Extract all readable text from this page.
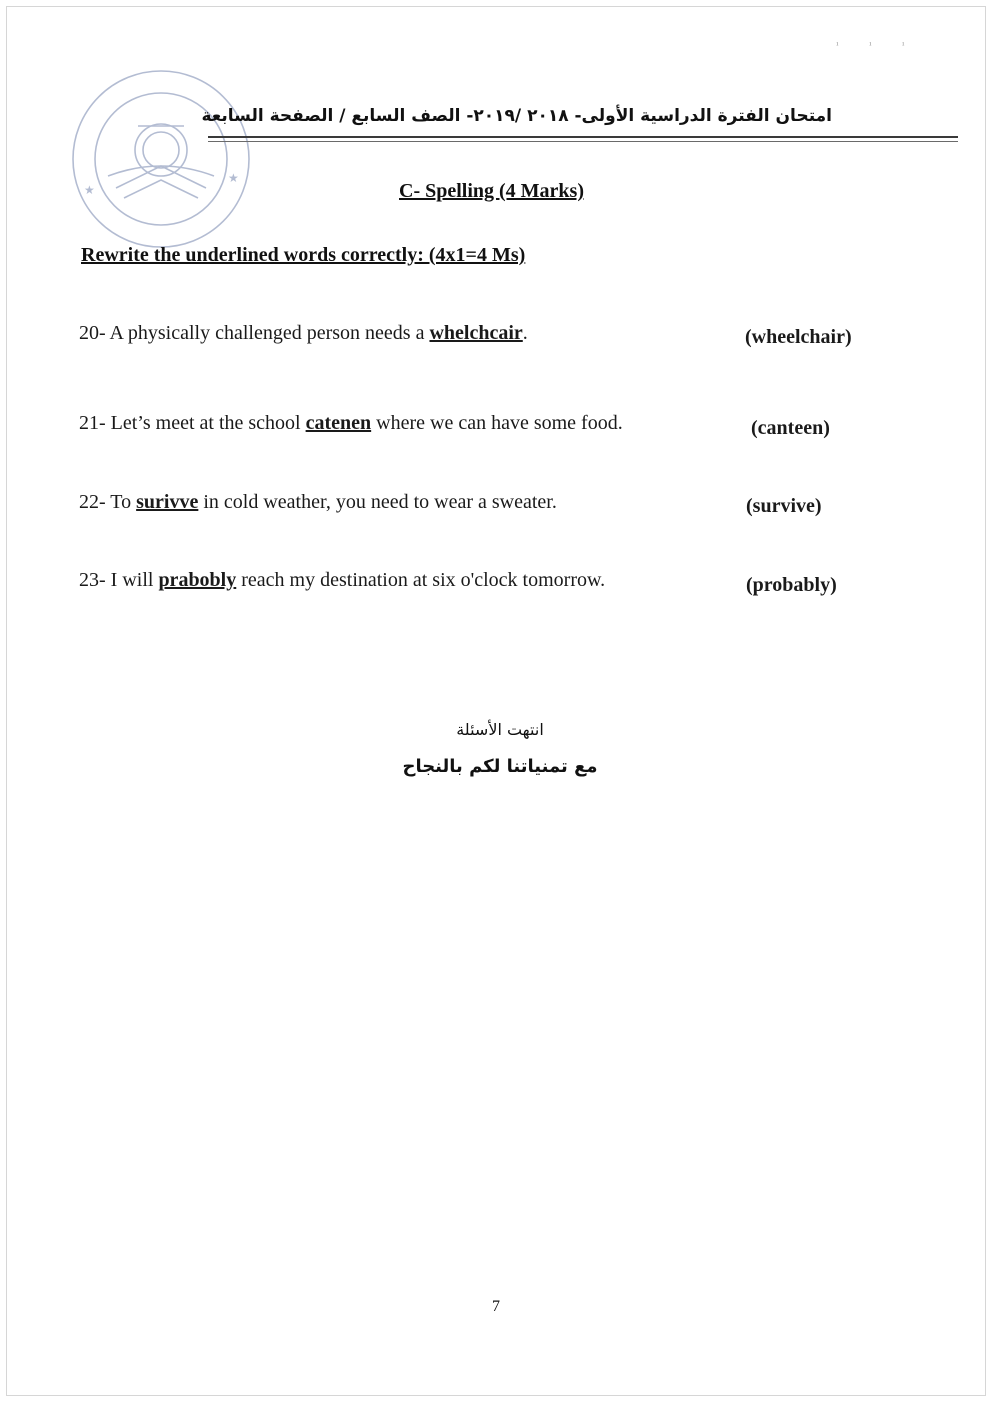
¹ ¹ ¹
★
★
امتحان الفترة الدراسية الأولى- ٢٠١٨ /٢٠١٩- الصف السابع / الصفحة السابعة
C- Spelling (4 Marks)
Rewrite the underlined words correctly: (4x1=4 Ms)
20- A physically challenged person needs a whelchcair.	(wheelchair)
21- Let’s meet at the school catenen where we can have some food.	(canteen)
22- To surivve in cold weather, you need to wear a sweater.	(survive)
23- I will prabobly reach my destination at six o'clock tomorrow.	(probably)
انتهت الأسئلة
مع تمنياتنا لكم بالنجاح
7
